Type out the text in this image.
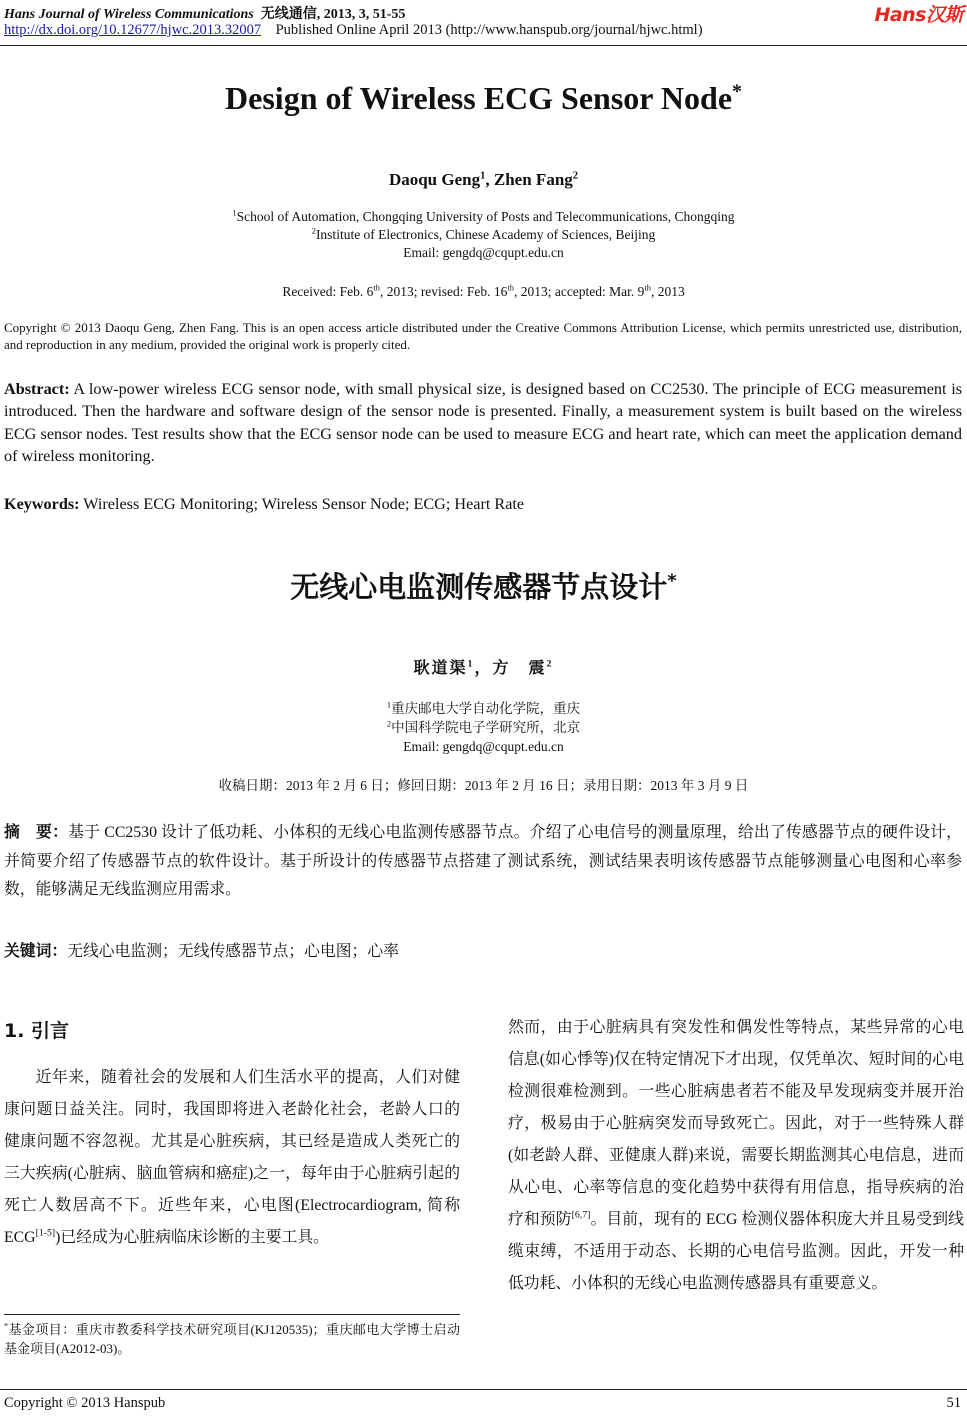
Hans Journal of Wireless Communications 无线通信, 2013, 3, 51-55
http://dx.doi.org/10.12677/hjwc.2013.32007 Published Online April 2013 (http://www.hanspub.org/journal/hjwc.html)
Hans汉斯
Design of Wireless ECG Sensor Node*
Daoqu Geng$^1$, Zhen Fang$^2$
$^1$School of Automation, Chongqing University of Posts and Telecommunications, Chongqing
$^2$Institute of Electronics, Chinese Academy of Sciences, Beijing
Email: gengdq@cqupt.edu.cn
Received: Feb. 6th, 2013; revised: Feb. 16th, 2013; accepted: Mar. 9th, 2013
Copyright © 2013 Daoqu Geng, Zhen Fang. This is an open access article distributed under the Creative Commons Attribution License, which permits unrestricted use, distribution, and reproduction in any medium, provided the original work is properly cited.
Abstract: A low-power wireless ECG sensor node, with small physical size, is designed based on CC2530. The principle of ECG measurement is introduced. Then the hardware and software design of the sensor node is presented. Finally, a measurement system is built based on the wireless ECG sensor nodes. Test results show that the ECG sensor node can be used to measure ECG and heart rate, which can meet the application demand of wireless monitoring.
Keywords: Wireless ECG Monitoring; Wireless Sensor Node; ECG; Heart Rate
无线心电监测传感器节点设计*
耿道渠$^1$，方　震$^2$
$^1$重庆邮电大学自动化学院，重庆
$^2$中国科学院电子学研究所，北京
Email: gengdq@cqupt.edu.cn
收稿日期：2013 年 2 月 6 日；修回日期：2013 年 2 月 16 日；录用日期：2013 年 3 月 9 日
摘　要：基于 CC2530 设计了低功耗、小体积的无线心电监测传感器节点。介绍了心电信号的测量原理，给出了传感器节点的硬件设计，并简要介绍了传感器节点的软件设计。基于所设计的传感器节点搭建了测试系统，测试结果表明该传感器节点能够测量心电图和心率参数，能够满足无线监测应用需求。
关键词：无线心电监测；无线传感器节点；心电图；心率
1. 引言
近年来，随着社会的发展和人们生活水平的提高，人们对健康问题日益关注。同时，我国即将进入老龄化社会，老龄人口的健康问题不容忽视。尤其是心脏疾病，其已经是造成人类死亡的三大疾病(心脏病、脑血管病和癌症)之一，每年由于心脏病引起的死亡人数居高不下。近些年来，心电图(Electrocardiogram, 简称 ECG[1-5])已经成为心脏病临床诊断的主要工具。
*基金项目：重庆市教委科学技术研究项目(KJ120535)；重庆邮电大学博士启动基金项目(A2012-03)。
然而，由于心脏病具有突发性和偶发性等特点，某些异常的心电信息(如心悸等)仅在特定情况下才出现，仅凭单次、短时间的心电检测很难检测到。一些心脏病患者若不能及早发现病变并展开治疗，极易由于心脏病突发而导致死亡。因此，对于一些特殊人群(如老龄人群、亚健康人群)来说，需要长期监测其心电信息，进而从心电、心率等信息的变化趋势中获得有用信息，指导疾病的治疗和预防[6,7]。目前，现有的 ECG 检测仪器体积庞大并且易受到线缆束缚，不适用于动态、长期的心电信号监测。因此，开发一种低功耗、小体积的无线心电监测传感器具有重要意义。
Copyright © 2013 Hanspub	51
